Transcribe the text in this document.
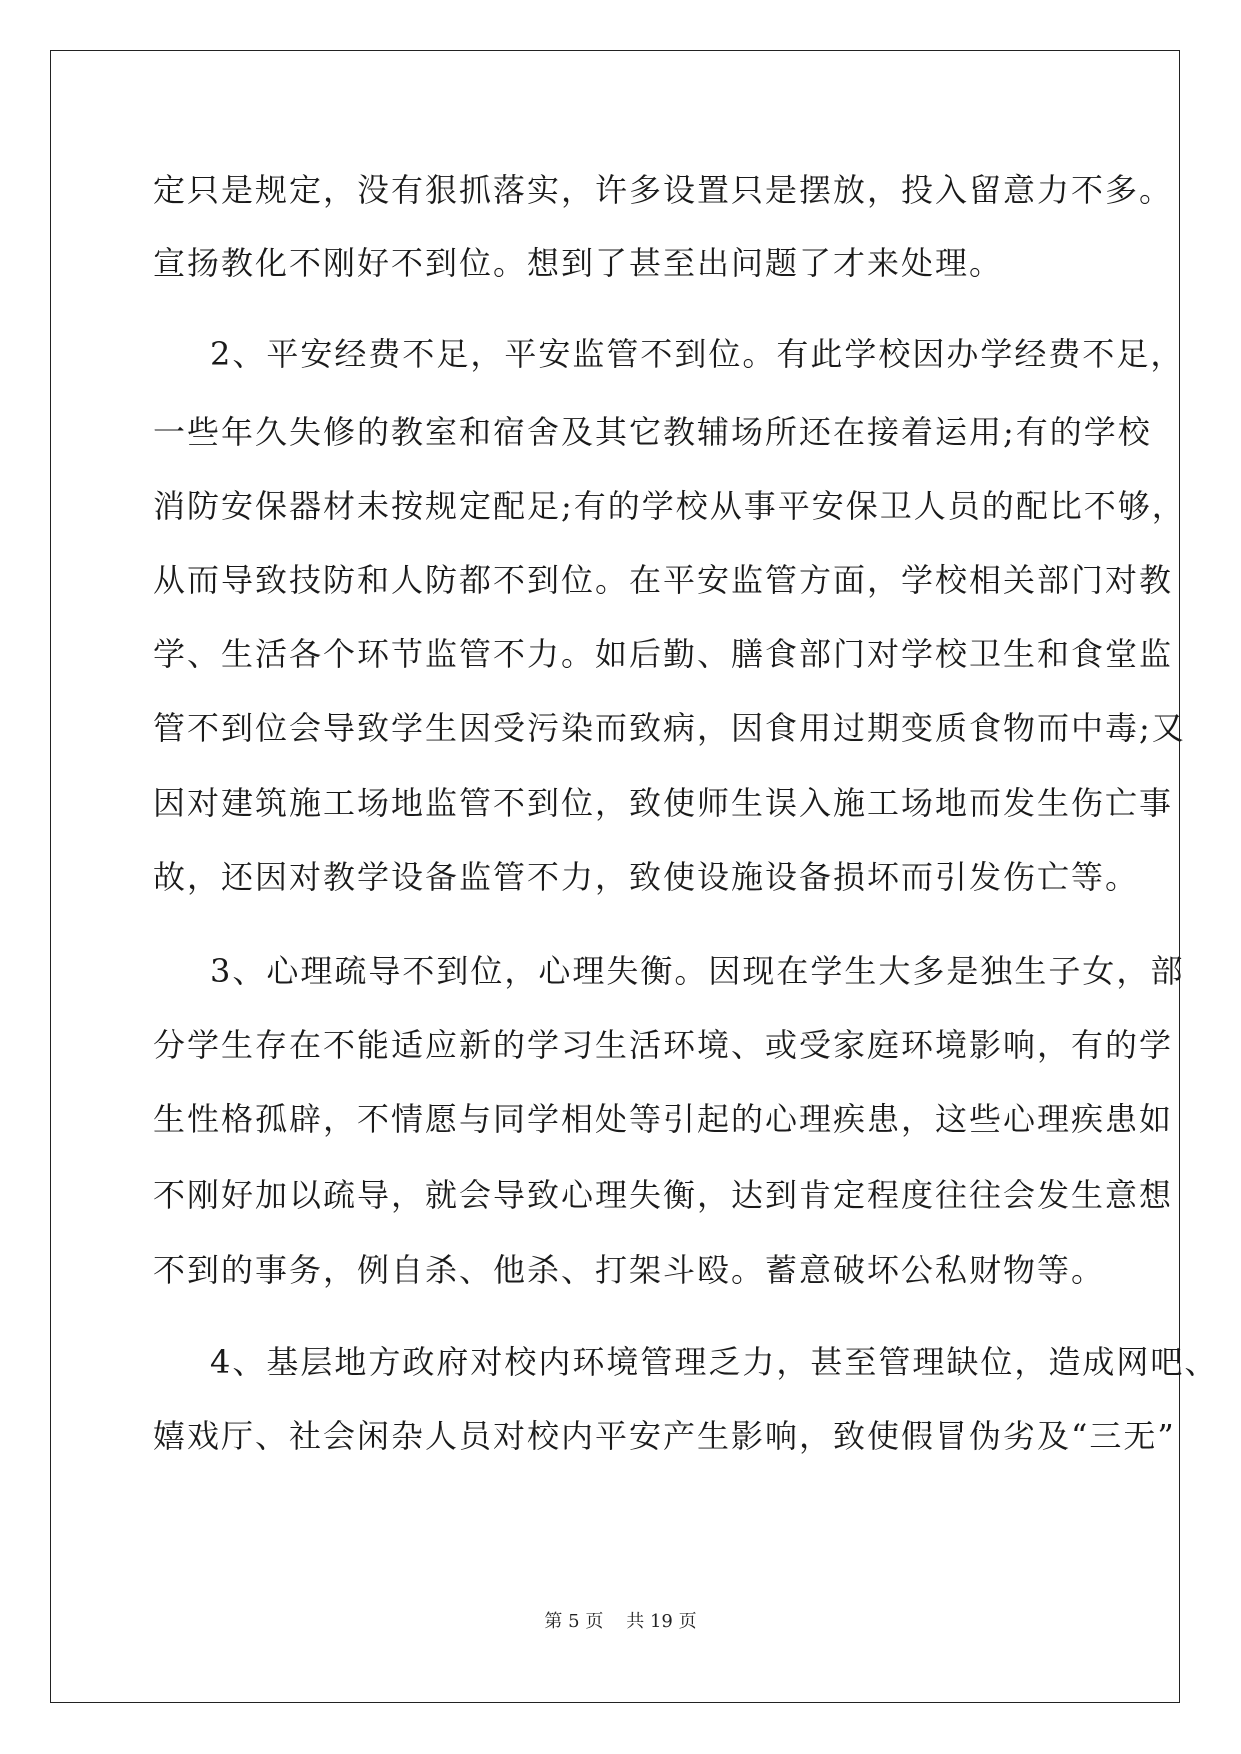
定只是规定，没有狠抓落实，许多设置只是摆放，投入留意力不多。
宣扬教化不刚好不到位。想到了甚至出问题了才来处理。
2、平安经费不足，平安监管不到位。有此学校因办学经费不足，
一些年久失修的教室和宿舍及其它教辅场所还在接着运用;有的学校
消防安保器材未按规定配足;有的学校从事平安保卫人员的配比不够，
从而导致技防和人防都不到位。在平安监管方面，学校相关部门对教
学、生活各个环节监管不力。如后勤、膳食部门对学校卫生和食堂监
管不到位会导致学生因受污染而致病，因食用过期变质食物而中毒;又
因对建筑施工场地监管不到位，致使师生误入施工场地而发生伤亡事
故，还因对教学设备监管不力，致使设施设备损坏而引发伤亡等。
3、心理疏导不到位，心理失衡。因现在学生大多是独生子女，部
分学生存在不能适应新的学习生活环境、或受家庭环境影响，有的学
生性格孤辟，不情愿与同学相处等引起的心理疾患，这些心理疾患如
不刚好加以疏导，就会导致心理失衡，达到肯定程度往往会发生意想
不到的事务，例自杀、他杀、打架斗殴。蓄意破坏公私财物等。
4、基层地方政府对校内环境管理乏力，甚至管理缺位，造成网吧、
嬉戏厅、社会闲杂人员对校内平安产生影响，致使假冒伪劣及“三无”
第 5 页 共 19 页
